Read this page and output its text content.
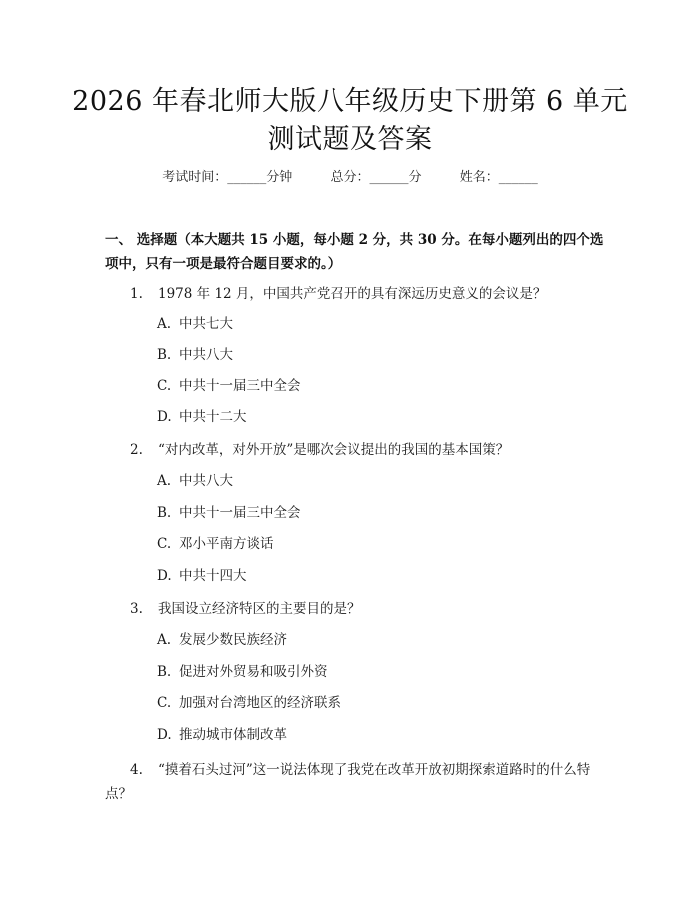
2026 年春北师大版八年级历史下册第 6 单元
测试题及答案
考试时间：______分钟	总分：______分	姓名：______
一、 选择题（本大题共 15 小题，每小题 2 分，共 30 分。在每小题列出的四个选项中，只有一项是最符合题目要求的。）
1. 1978 年 12 月，中国共产党召开的具有深远历史意义的会议是？
A. 中共七大
B. 中共八大
C. 中共十一届三中全会
D. 中共十二大
2. “对内改革，对外开放”是哪次会议提出的我国的基本国策？
A. 中共八大
B. 中共十一届三中全会
C. 邓小平南方谈话
D. 中共十四大
3. 我国设立经济特区的主要目的是？
A. 发展少数民族经济
B. 促进对外贸易和吸引外资
C. 加强对台湾地区的经济联系
D. 推动城市体制改革
4. “摸着石头过河”这一说法体现了我党在改革开放初期探索道路时的什么特点？
